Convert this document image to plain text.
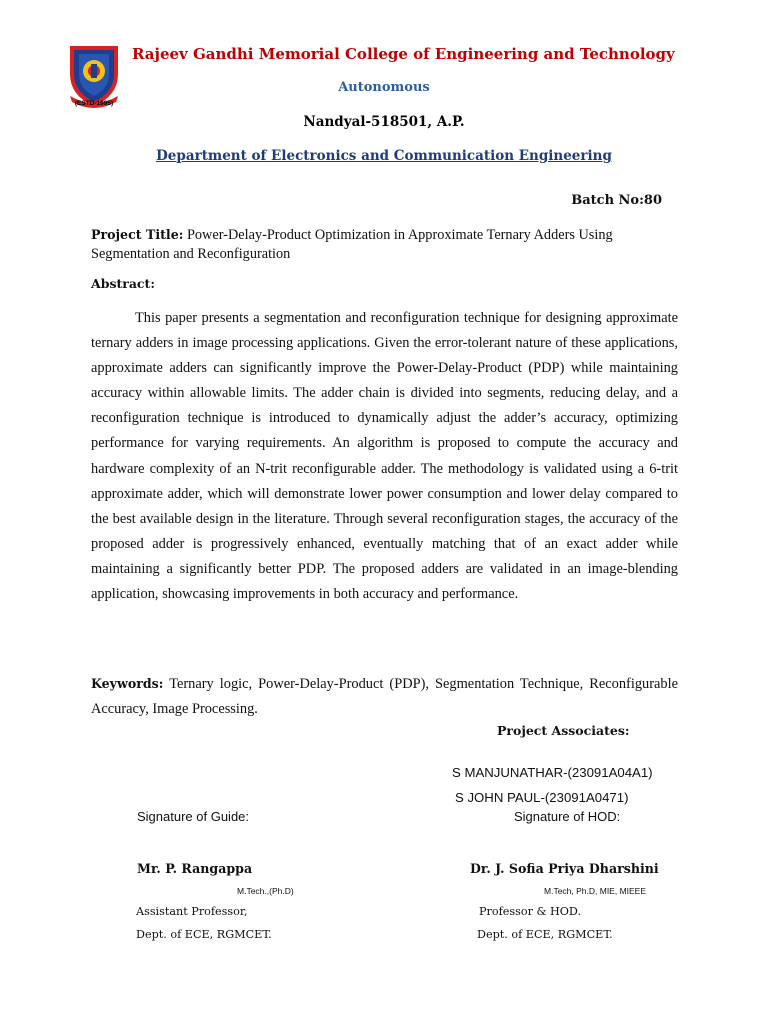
(ESTD-1995)
Rajeev Gandhi Memorial College of Engineering and Technology
Autonomous
Nandyal-518501, A.P.
Department of Electronics and Communication Engineering
Batch No:80
Project Title: Power-Delay-Product Optimization in Approximate Ternary Adders Using Segmentation and Reconfiguration
Abstract:

This paper presents a segmentation and reconfiguration technique for designing approximate ternary adders in image processing applications. Given the error-tolerant nature of these applications, approximate adders can significantly improve the Power-Delay-Product (PDP) while maintaining accuracy within allowable limits. The adder chain is divided into segments, reducing delay, and a reconfiguration technique is introduced to dynamically adjust the adder’s accuracy, optimizing performance for varying requirements. An algorithm is proposed to compute the accuracy and hardware complexity of an N-trit reconfigurable adder. The methodology is validated using a 6-trit approximate adder, which will demonstrate lower power consumption and lower delay compared to the best available design in the literature. Through several reconfiguration stages, the accuracy of the proposed adder is progressively enhanced, eventually matching that of an exact adder while maintaining a significantly better PDP. The proposed adders are validated in an image-blending application, showcasing improvements in both accuracy and performance.

Keywords: Ternary logic, Power-Delay-Product (PDP), Segmentation Technique, Reconfigurable Accuracy, Image Processing.

Project Associates:
S MANJUNATHAR-(23091A04A1)
S JOHN PAUL-(23091A0471)
Signature of Guide:
Mr. P. Rangappa
M.Tech.,(Ph.D)
Assistant Professor,
Dept. of ECE, RGMCET.
Signature of HOD:
Dr. J. Sofia Priya Dharshini
M.Tech, Ph.D, MIE, MIEEE
Professor & HOD.
Dept. of ECE, RGMCET.
